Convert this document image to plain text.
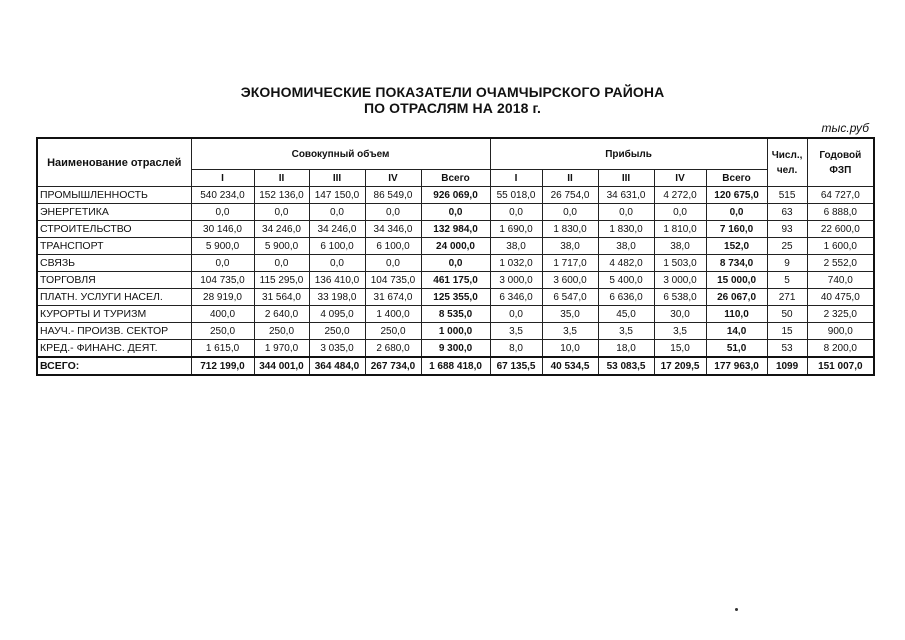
ЭКОНОМИЧЕСКИЕ ПОКАЗАТЕЛИ ОЧАМЧЫРСКОГО РАЙОНА
ПО ОТРАСЛЯМ НА 2018 г.
тыс.руб
Наименование отраслей	Совокупный объем					Прибыль					Числ., чел.	Годовой ФЗП
	I	II	III	IV	Всего	I	II	III	IV	Всего		
ПРОМЫШЛЕННОСТЬ	540 234,0	152 136,0	147 150,0	86 549,0	926 069,0	55 018,0	26 754,0	34 631,0	4 272,0	120 675,0	515	64 727,0
ЭНЕРГЕТИКА	0,0	0,0	0,0	0,0	0,0	0,0	0,0	0,0	0,0	0,0	63	6 888,0
СТРОИТЕЛЬСТВО	30 146,0	34 246,0	34 246,0	34 346,0	132 984,0	1 690,0	1 830,0	1 830,0	1 810,0	7 160,0	93	22 600,0
ТРАНСПОРТ	5 900,0	5 900,0	6 100,0	6 100,0	24 000,0	38,0	38,0	38,0	38,0	152,0	25	1 600,0
СВЯЗЬ	0,0	0,0	0,0	0,0	0,0	1 032,0	1 717,0	4 482,0	1 503,0	8 734,0	9	2 552,0
ТОРГОВЛЯ	104 735,0	115 295,0	136 410,0	104 735,0	461 175,0	3 000,0	3 600,0	5 400,0	3 000,0	15 000,0	5	740,0
ПЛАТН. УСЛУГИ НАСЕЛ.	28 919,0	31 564,0	33 198,0	31 674,0	125 355,0	6 346,0	6 547,0	6 636,0	6 538,0	26 067,0	271	40 475,0
КУРОРТЫ И ТУРИЗМ	400,0	2 640,0	4 095,0	1 400,0	8 535,0	0,0	35,0	45,0	30,0	110,0	50	2 325,0
НАУЧ.- ПРОИЗВ. СЕКТОР	250,0	250,0	250,0	250,0	1 000,0	3,5	3,5	3,5	3,5	14,0	15	900,0
КРЕД.- ФИНАНС. ДЕЯТ.	1 615,0	1 970,0	3 035,0	2 680,0	9 300,0	8,0	10,0	18,0	15,0	51,0	53	8 200,0
ВСЕГО:	712 199,0	344 001,0	364 484,0	267 734,0	1 688 418,0	67 135,5	40 534,5	53 083,5	17 209,5	177 963,0	1099	151 007,0
